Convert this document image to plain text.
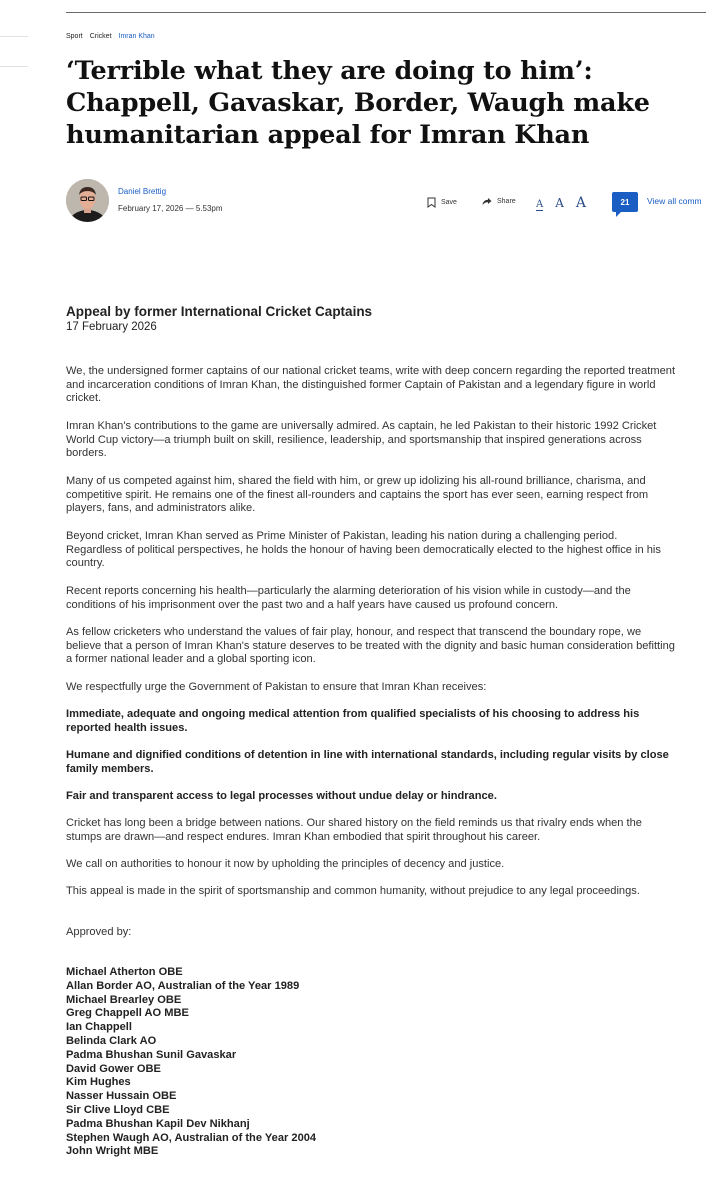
Sport Cricket Imran Khan
‘Terrible what they are doing to him’: Chappell, Gavaskar, Border, Waugh make humanitarian appeal for Imran Khan
Daniel Brettig
February 17, 2026 — 5.53pm
Save	Share A A A	21	View all comm
Appeal by former International Cricket Captains
17 February 2026

We, the undersigned former captains of our national cricket teams, write with deep concern regarding the reported treatment and incarceration conditions of Imran Khan, the distinguished former Captain of Pakistan and a legendary figure in world cricket.

Imran Khan's contributions to the game are universally admired. As captain, he led Pakistan to their historic 1992 Cricket World Cup victory—a triumph built on skill, resilience, leadership, and sportsmanship that inspired generations across borders.

Many of us competed against him, shared the field with him, or grew up idolizing his all-round brilliance, charisma, and competitive spirit. He remains one of the finest all-rounders and captains the sport has ever seen, earning respect from players, fans, and administrators alike.

Beyond cricket, Imran Khan served as Prime Minister of Pakistan, leading his nation during a challenging period. Regardless of political perspectives, he holds the honour of having been democratically elected to the highest office in his country.

Recent reports concerning his health—particularly the alarming deterioration of his vision while in custody—and the conditions of his imprisonment over the past two and a half years have caused us profound concern.

As fellow cricketers who understand the values of fair play, honour, and respect that transcend the boundary rope, we believe that a person of Imran Khan's stature deserves to be treated with the dignity and basic human consideration befitting a former national leader and a global sporting icon.

We respectfully urge the Government of Pakistan to ensure that Imran Khan receives:

Immediate, adequate and ongoing medical attention from qualified specialists of his choosing to address his reported health issues.

Humane and dignified conditions of detention in line with international standards, including regular visits by close family members.

Fair and transparent access to legal processes without undue delay or hindrance.

Cricket has long been a bridge between nations. Our shared history on the field reminds us that rivalry ends when the stumps are drawn—and respect endures. Imran Khan embodied that spirit throughout his career.

We call on authorities to honour it now by upholding the principles of decency and justice.

This appeal is made in the spirit of sportsmanship and common humanity, without prejudice to any legal proceedings.

Approved by:

Michael Atherton OBE
Allan Border AO, Australian of the Year 1989
Michael Brearley OBE
Greg Chappell AO MBE
Ian Chappell
Belinda Clark AO
Padma Bhushan Sunil Gavaskar
David Gower OBE
Kim Hughes
Nasser Hussain OBE
Sir Clive Lloyd CBE
Padma Bhushan Kapil Dev Nikhanj
Stephen Waugh AO, Australian of the Year 2004
John Wright MBE
